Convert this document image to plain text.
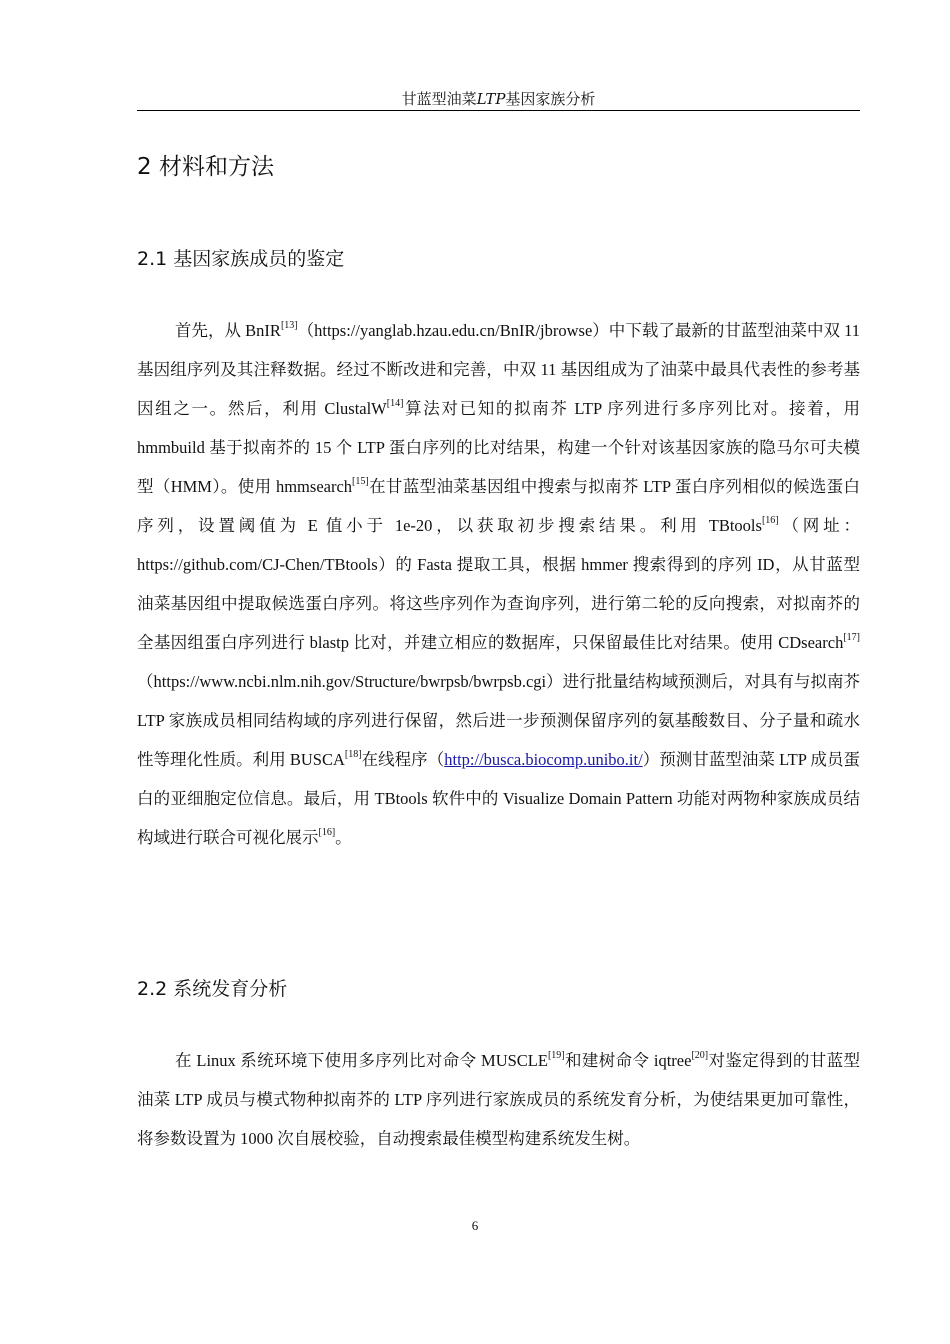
甘蓝型油菜LTP基因家族分析
2 材料和方法
2.1 基因家族成员的鉴定

首先，从 BnIR[13]（https://yanglab.hzau.edu.cn/BnIR/jbrowse）中下载了最新的甘蓝型油菜中双 11 基因组序列及其注释数据。经过不断改进和完善，中双 11 基因组成为了油菜中最具代表性的参考基因组之一。然后，利用 ClustalW[14]算法对已知的拟南芥 LTP 序列进行多序列比对。接着，用 hmmbuild 基于拟南芥的 15 个 LTP 蛋白序列的比对结果，构建一个针对该基因家族的隐马尔可夫模型（HMM）。使用 hmmsearch[15]在甘蓝型油菜基因组中搜索与拟南芥 LTP 蛋白序列相似的候选蛋白序列，设置阈值为 E 值小于 1e-20，以获取初步搜索结果。利用 TBtools[16]（网址：https://github.com/CJ-Chen/TBtools）的 Fasta 提取工具，根据 hmmer 搜索得到的序列 ID，从甘蓝型油菜基因组中提取候选蛋白序列。将这些序列作为查询序列，进行第二轮的反向搜索，对拟南芥的全基因组蛋白序列进行 blastp 比对，并建立相应的数据库，只保留最佳比对结果。使用 CDsearch[17]（https://www.ncbi.nlm.nih.gov/Structure/bwrpsb/bwrpsb.cgi）进行批量结构域预测后，对具有与拟南芥 LTP 家族成员相同结构域的序列进行保留，然后进一步预测保留序列的氨基酸数目、分子量和疏水性等理化性质。利用 BUSCA[18]在线程序（http://busca.biocomp.unibo.it/）预测甘蓝型油菜 LTP 成员蛋白的亚细胞定位信息。最后，用 TBtools 软件中的 Visualize Domain Pattern 功能对两物种家族成员结构域进行联合可视化展示[16]。

2.2 系统发育分析

在 Linux 系统环境下使用多序列比对命令 MUSCLE[19]和建树命令 iqtree[20]对鉴定得到的甘蓝型油菜 LTP 成员与模式物种拟南芥的 LTP 序列进行家族成员的系统发育分析，为使结果更加可靠性，将参数设置为 1000 次自展校验，自动搜索最佳模型构建系统发生树。

6
